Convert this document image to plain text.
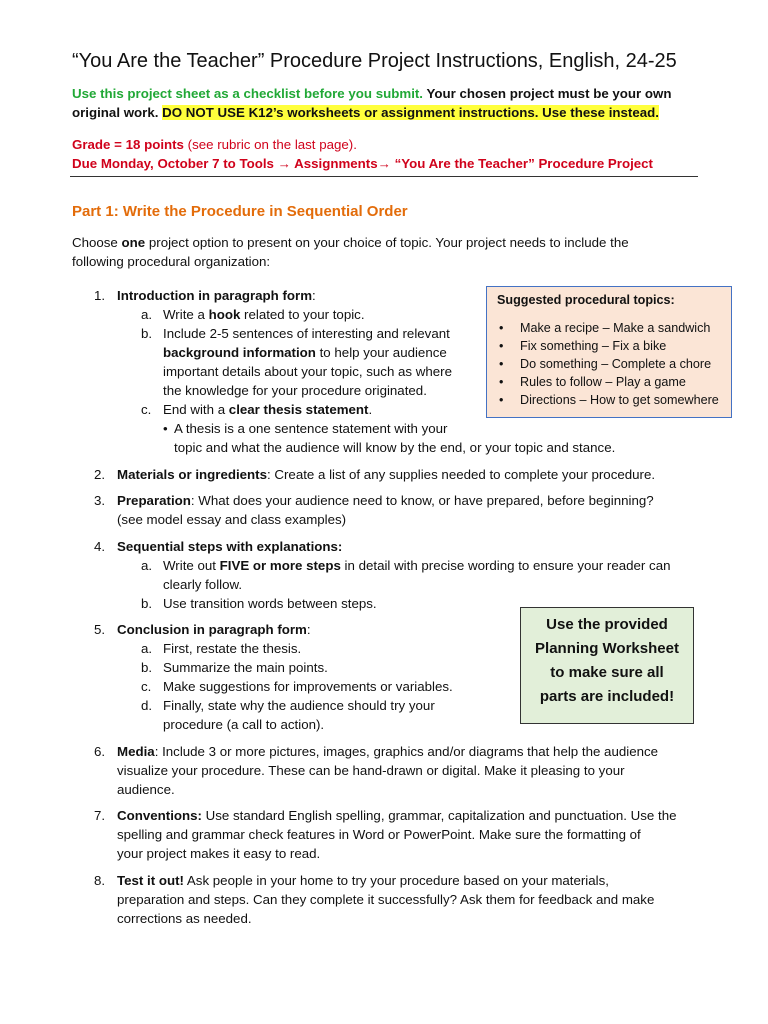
“You Are the Teacher” Procedure Project Instructions, English, 24-25

Use this project sheet as a checklist before you submit. Your chosen project must be your own

original work. DO NOT USE K12’s worksheets or assignment instructions. Use these instead.

Grade = 18 points (see rubric on the last page).

Due Monday, October 7 to Tools → Assignments→ “You Are the Teacher” Procedure Project

Part 1: Write the Procedure in Sequential Order

Choose one project option to present on your choice of topic. Your project needs to include the

following procedural organization:

1. Introduction in paragraph form:
a. Write a hook related to your topic.
b. Include 2-5 sentences of interesting and relevant
background information to help your audience
important details about your topic, such as where
the knowledge for your procedure originated.
c. End with a clear thesis statement.
• A thesis is a one sentence statement with your
topic and what the audience will know by the end, or your topic and stance.
2. Materials or ingredients: Create a list of any supplies needed to complete your procedure.
3. Preparation: What does your audience need to know, or have prepared, before beginning?
(see model essay and class examples)
4. Sequential steps with explanations:
a. Write out FIVE or more steps in detail with precise wording to ensure your reader can
clearly follow.
b. Use transition words between steps.
5. Conclusion in paragraph form:
a. First, restate the thesis.
b. Summarize the main points.
c. Make suggestions for improvements or variables.
d. Finally, state why the audience should try your
procedure (a call to action).
6. Media: Include 3 or more pictures, images, graphics and/or diagrams that help the audience
visualize your procedure. These can be hand-drawn or digital. Make it pleasing to your
audience.
7. Conventions: Use standard English spelling, grammar, capitalization and punctuation. Use the
spelling and grammar check features in Word or PowerPoint. Make sure the formatting of
your project makes it easy to read.
8. Test it out! Ask people in your home to try your procedure based on your materials,
preparation and steps. Can they complete it successfully? Ask them for feedback and make
corrections as needed.
Suggested procedural topics:
• Make a recipe – Make a sandwich
• Fix something – Fix a bike
• Do something – Complete a chore
• Rules to follow – Play a game
• Directions – How to get somewhere
Use the provided
Planning Worksheet
to make sure all
parts are included!
